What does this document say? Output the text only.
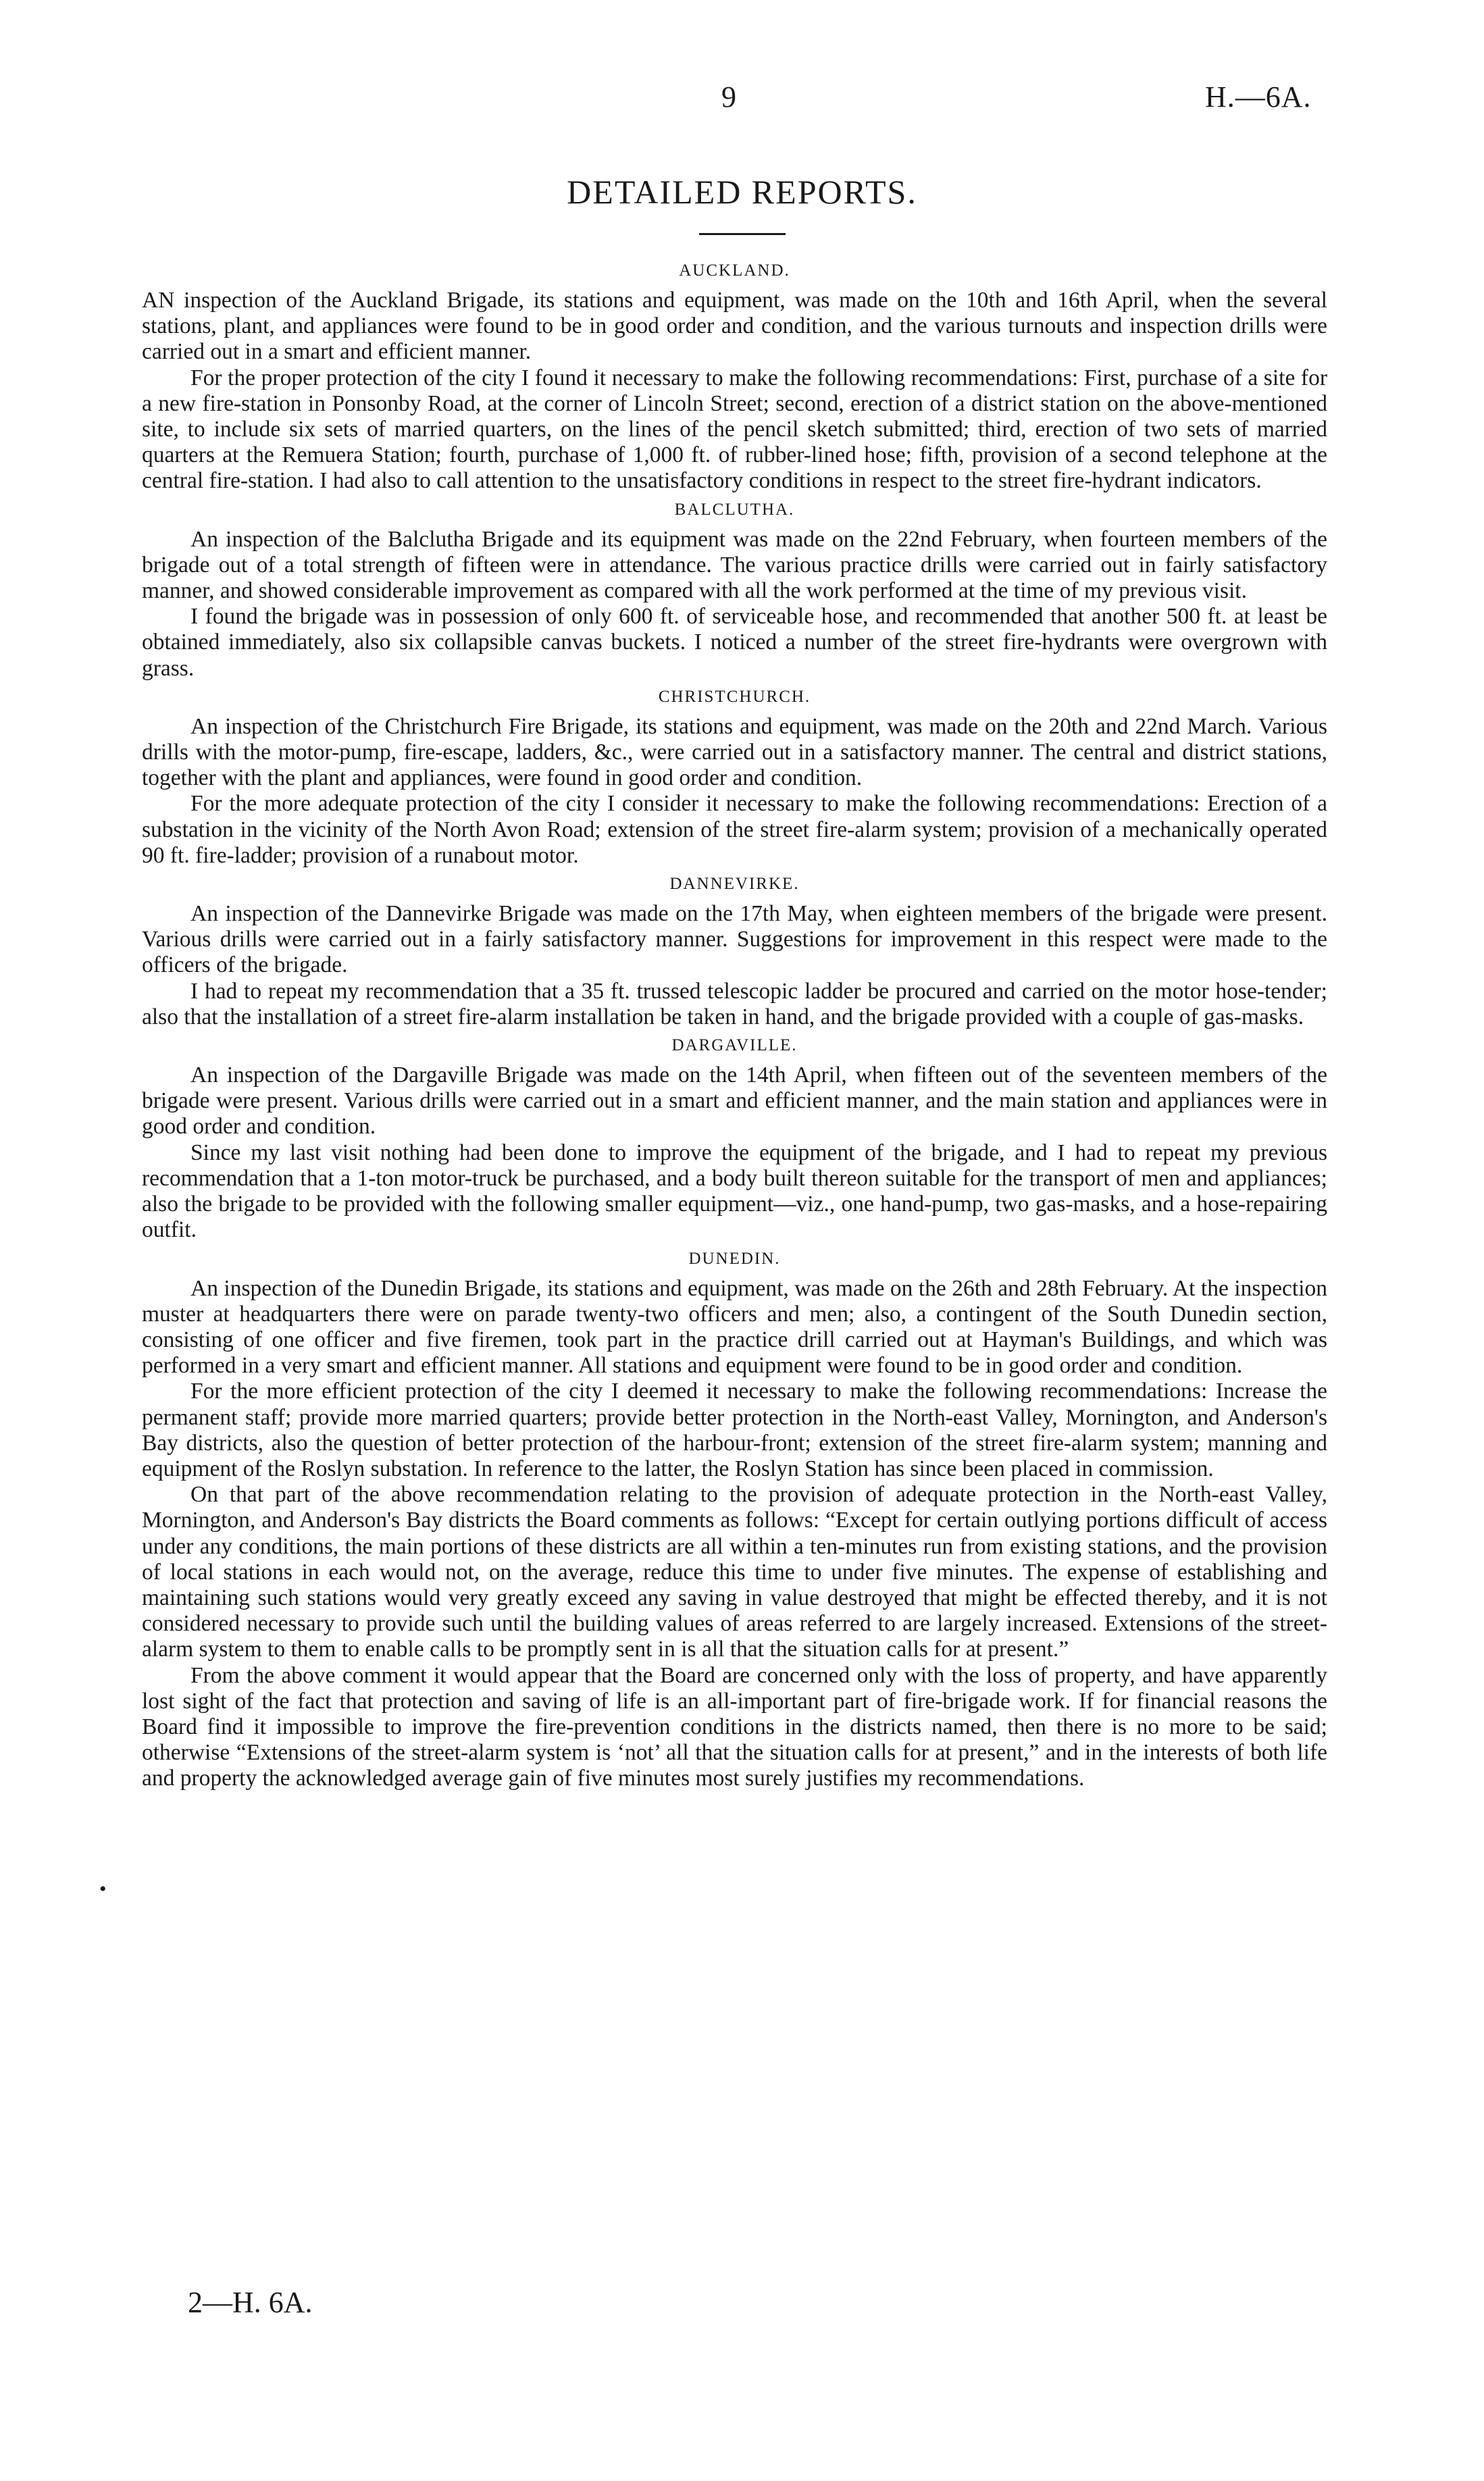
9	H.—6A.
DETAILED REPORTS.
AUCKLAND.

AN inspection of the Auckland Brigade, its stations and equipment, was made on the 10th and 16th April, when the several stations, plant, and appliances were found to be in good order and condition, and the various turnouts and inspection drills were carried out in a smart and efficient manner.

For the proper protection of the city I found it necessary to make the following recommendations: First, purchase of a site for a new fire-station in Ponsonby Road, at the corner of Lincoln Street; second, erection of a district station on the above-mentioned site, to include six sets of married quarters, on the lines of the pencil sketch submitted; third, erection of two sets of married quarters at the Remuera Station; fourth, purchase of 1,000 ft. of rubber-lined hose; fifth, provision of a second telephone at the central fire-station. I had also to call attention to the unsatisfactory conditions in respect to the street fire-hydrant indicators.

BALCLUTHA.

An inspection of the Balclutha Brigade and its equipment was made on the 22nd February, when fourteen members of the brigade out of a total strength of fifteen were in attendance. The various practice drills were carried out in fairly satisfactory manner, and showed considerable improvement as compared with all the work performed at the time of my previous visit.

I found the brigade was in possession of only 600 ft. of serviceable hose, and recommended that another 500 ft. at least be obtained immediately, also six collapsible canvas buckets. I noticed a number of the street fire-hydrants were overgrown with grass.

CHRISTCHURCH.

An inspection of the Christchurch Fire Brigade, its stations and equipment, was made on the 20th and 22nd March. Various drills with the motor-pump, fire-escape, ladders, &c., were carried out in a satisfactory manner. The central and district stations, together with the plant and appliances, were found in good order and condition.

For the more adequate protection of the city I consider it necessary to make the following recommendations: Erection of a substation in the vicinity of the North Avon Road; extension of the street fire-alarm system; provision of a mechanically operated 90 ft. fire-ladder; provision of a runabout motor.

DANNEVIRKE.

An inspection of the Dannevirke Brigade was made on the 17th May, when eighteen members of the brigade were present. Various drills were carried out in a fairly satisfactory manner. Suggestions for improvement in this respect were made to the officers of the brigade.

I had to repeat my recommendation that a 35 ft. trussed telescopic ladder be procured and carried on the motor hose-tender; also that the installation of a street fire-alarm installation be taken in hand, and the brigade provided with a couple of gas-masks.

DARGAVILLE.

An inspection of the Dargaville Brigade was made on the 14th April, when fifteen out of the seventeen members of the brigade were present. Various drills were carried out in a smart and efficient manner, and the main station and appliances were in good order and condition.

Since my last visit nothing had been done to improve the equipment of the brigade, and I had to repeat my previous recommendation that a 1-ton motor-truck be purchased, and a body built thereon suitable for the transport of men and appliances; also the brigade to be provided with the following smaller equipment—viz., one hand-pump, two gas-masks, and a hose-repairing outfit.

DUNEDIN.

An inspection of the Dunedin Brigade, its stations and equipment, was made on the 26th and 28th February. At the inspection muster at headquarters there were on parade twenty-two officers and men; also, a contingent of the South Dunedin section, consisting of one officer and five firemen, took part in the practice drill carried out at Hayman's Buildings, and which was performed in a very smart and efficient manner. All stations and equipment were found to be in good order and condition.

For the more efficient protection of the city I deemed it necessary to make the following recommendations: Increase the permanent staff; provide more married quarters; provide better protection in the North-east Valley, Mornington, and Anderson's Bay districts, also the question of better protection of the harbour-front; extension of the street fire-alarm system; manning and equipment of the Roslyn substation. In reference to the latter, the Roslyn Station has since been placed in commission.

On that part of the above recommendation relating to the provision of adequate protection in the North-east Valley, Mornington, and Anderson's Bay districts the Board comments as follows: “Except for certain outlying portions difficult of access under any conditions, the main portions of these districts are all within a ten-minutes run from existing stations, and the provision of local stations in each would not, on the average, reduce this time to under five minutes. The expense of establishing and maintaining such stations would very greatly exceed any saving in value destroyed that might be effected thereby, and it is not considered necessary to provide such until the building values of areas referred to are largely increased. Extensions of the street-alarm system to them to enable calls to be promptly sent in is all that the situation calls for at present.”

From the above comment it would appear that the Board are concerned only with the loss of property, and have apparently lost sight of the fact that protection and saving of life is an all-important part of fire-brigade work. If for financial reasons the Board find it impossible to improve the fire-prevention conditions in the districts named, then there is no more to be said; otherwise “Extensions of the street-alarm system is ‘not’ all that the situation calls for at present,” and in the interests of both life and property the acknowledged average gain of five minutes most surely justifies my recommendations.

•
2—H. 6A.
